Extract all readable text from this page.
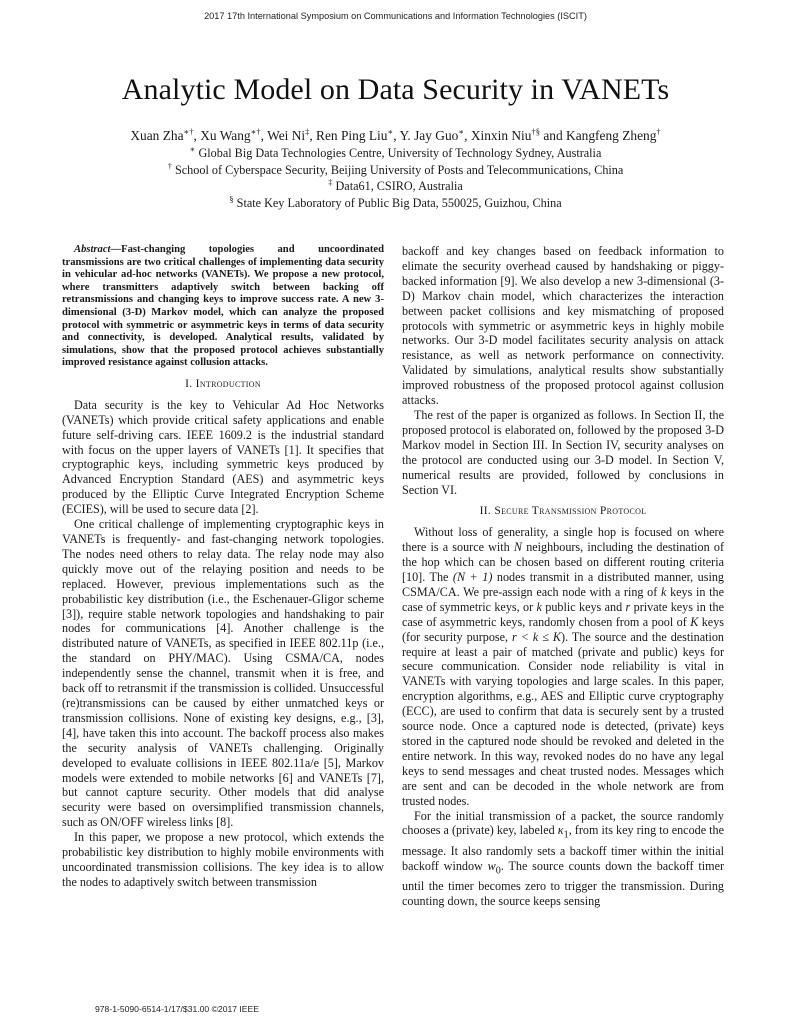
2017 17th International Symposium on Communications and Information Technologies (ISCIT)
Analytic Model on Data Security in VANETs
Xuan Zha∗†, Xu Wang∗†, Wei Ni‡, Ren Ping Liu∗, Y. Jay Guo∗, Xinxin Niu†§ and Kangfeng Zheng†
∗ Global Big Data Technologies Centre, University of Technology Sydney, Australia
† School of Cyberspace Security, Beijing University of Posts and Telecommunications, China
‡ Data61, CSIRO, Australia
§ State Key Laboratory of Public Big Data, 550025, Guizhou, China

Abstract—Fast-changing topologies and uncoordinated transmissions are two critical challenges of implementing data security in vehicular ad-hoc networks (VANETs). We propose a new protocol, where transmitters adaptively switch between backing off retransmissions and changing keys to improve success rate. A new 3-dimensional (3-D) Markov model, which can analyze the proposed protocol with symmetric or asymmetric keys in terms of data security and connectivity, is developed. Analytical results, validated by simulations, show that the proposed protocol achieves substantially improved resistance against collusion attacks.

I. Introduction

Data security is the key to Vehicular Ad Hoc Networks (VANETs) which provide critical safety applications and enable future self-driving cars. IEEE 1609.2 is the industrial standard with focus on the upper layers of VANETs [1]. It specifies that cryptographic keys, including symmetric keys produced by Advanced Encryption Standard (AES) and asymmetric keys produced by the Elliptic Curve Integrated Encryption Scheme (ECIES), will be used to secure data [2].

One critical challenge of implementing cryptographic keys in VANETs is frequently- and fast-changing network topologies. The nodes need others to relay data. The relay node may also quickly move out of the relaying position and needs to be replaced. However, previous implementations such as the probabilistic key distribution (i.e., the Eschenauer-Gligor scheme [3]), require stable network topologies and handshaking to pair nodes for communications [4]. Another challenge is the distributed nature of VANETs, as specified in IEEE 802.11p (i.e., the standard on PHY/MAC). Using CSMA/CA, nodes independently sense the channel, transmit when it is free, and back off to retransmit if the transmission is collided. Unsuccessful (re)transmissions can be caused by either unmatched keys or transmission collisions. None of existing key designs, e.g., [3], [4], have taken this into account. The backoff process also makes the security analysis of VANETs challenging. Originally developed to evaluate collisions in IEEE 802.11a/e [5], Markov models were extended to mobile networks [6] and VANETs [7], but cannot capture security. Other models that did analyse security were based on oversimplified transmission channels, such as ON/OFF wireless links [8].

In this paper, we propose a new protocol, which extends the probabilistic key distribution to highly mobile environments with uncoordinated transmission collisions. The key idea is to allow the nodes to adaptively switch between transmission

backoff and key changes based on feedback information to elimate the security overhead caused by handshaking or piggy-backed information [9]. We also develop a new 3-dimensional (3-D) Markov chain model, which characterizes the interaction between packet collisions and key mismatching of proposed protocols with symmetric or asymmetric keys in highly mobile networks. Our 3-D model facilitates security analysis on attack resistance, as well as network performance on connectivity. Validated by simulations, analytical results show substantially improved robustness of the proposed protocol against collusion attacks.

The rest of the paper is organized as follows. In Section II, the proposed protocol is elaborated on, followed by the proposed 3-D Markov model in Section III. In Section IV, security analyses on the protocol are conducted using our 3-D model. In Section V, numerical results are provided, followed by conclusions in Section VI.

II. Secure Transmission Protocol

Without loss of generality, a single hop is focused on where there is a source with N neighbours, including the destination of the hop which can be chosen based on different routing criteria [10]. The (N + 1) nodes transmit in a distributed manner, using CSMA/CA. We pre-assign each node with a ring of k keys in the case of symmetric keys, or k public keys and r private keys in the case of asymmetric keys, randomly chosen from a pool of K keys (for security purpose, r < k ≤ K). The source and the destination require at least a pair of matched (private and public) keys for secure communication. Consider node reliability is vital in VANETs with varying topologies and large scales. In this paper, encryption algorithms, e.g., AES and Elliptic curve cryptography (ECC), are used to confirm that data is securely sent by a trusted source node. Once a captured node is detected, (private) keys stored in the captured node should be revoked and deleted in the entire network. In this way, revoked nodes do no have any legal keys to send messages and cheat trusted nodes. Messages which are sent and can be decoded in the whole network are from trusted nodes.

For the initial transmission of a packet, the source randomly chooses a (private) key, labeled $\kappa_1$, from its key ring to encode the message. It also randomly sets a backoff timer within the initial backoff window $w_0$. The source counts down the backoff timer until the timer becomes zero to trigger the transmission. During counting down, the source keeps sensing

978-1-5090-6514-1/17/$31.00 ©2017 IEEE
